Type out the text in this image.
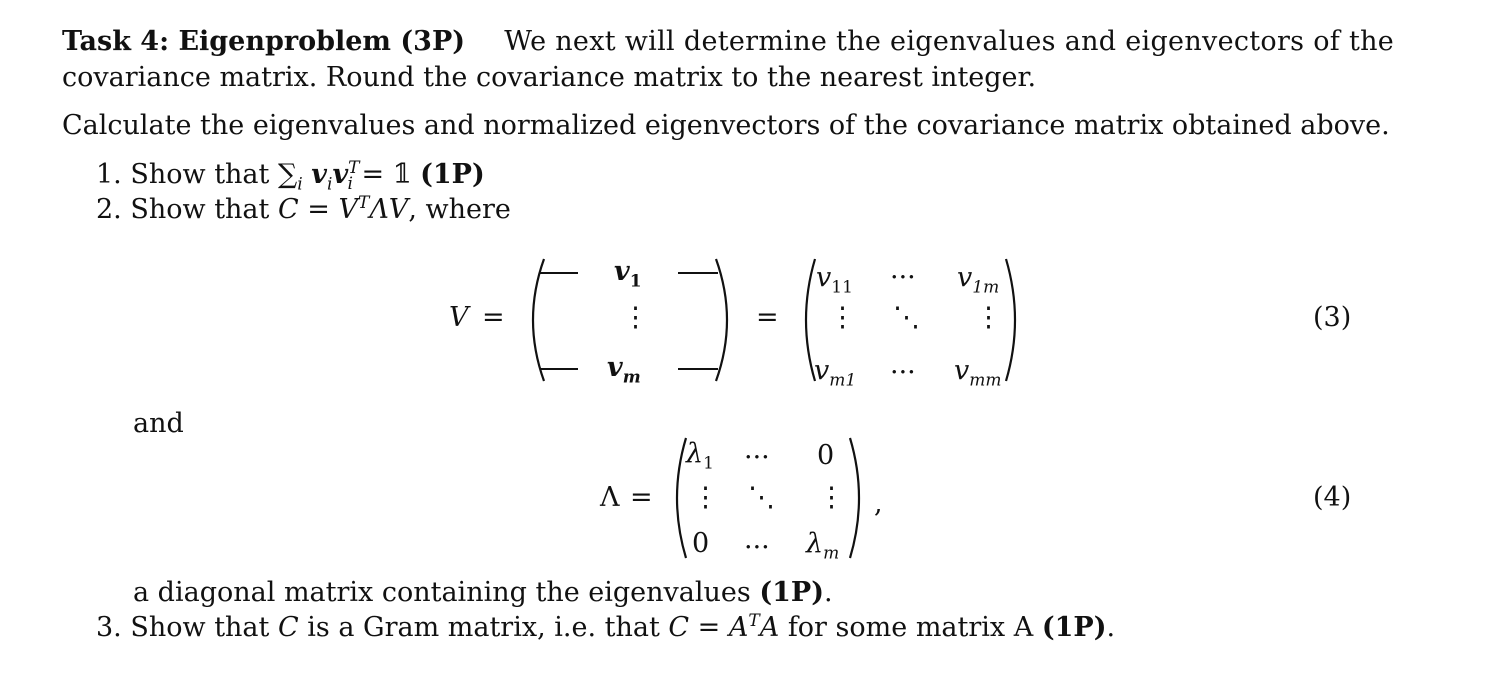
Task 4: Eigenproblem (3P) We next will determine the eigenvalues and eigenvectors of the
covariance matrix. Round the covariance matrix to the nearest integer.
Calculate the eigenvalues and normalized eigenvectors of the covariance matrix obtained above.
1. Show that $\sum_i$ $v_iv^T_i$ = 𝟙 (1P)
2. Show that $C = V^T\Lambda V$, where
V =
$v_1$
⋮
$v_m$
=
$v_{11}$ ··· $v_{1m}$
⋮ ⋱ ⋮
$v_{m1}$ ··· $v_{mm}$
(3)
and
Λ =
$\lambda_1$ ··· 0
⋮ ⋱ ⋮
0 ··· $\lambda_m$
,	(4)
a diagonal matrix containing the eigenvalues (1P).
3. Show that C is a Gram matrix, i.e. that $C = A^TA$ for some matrix A (1P).
